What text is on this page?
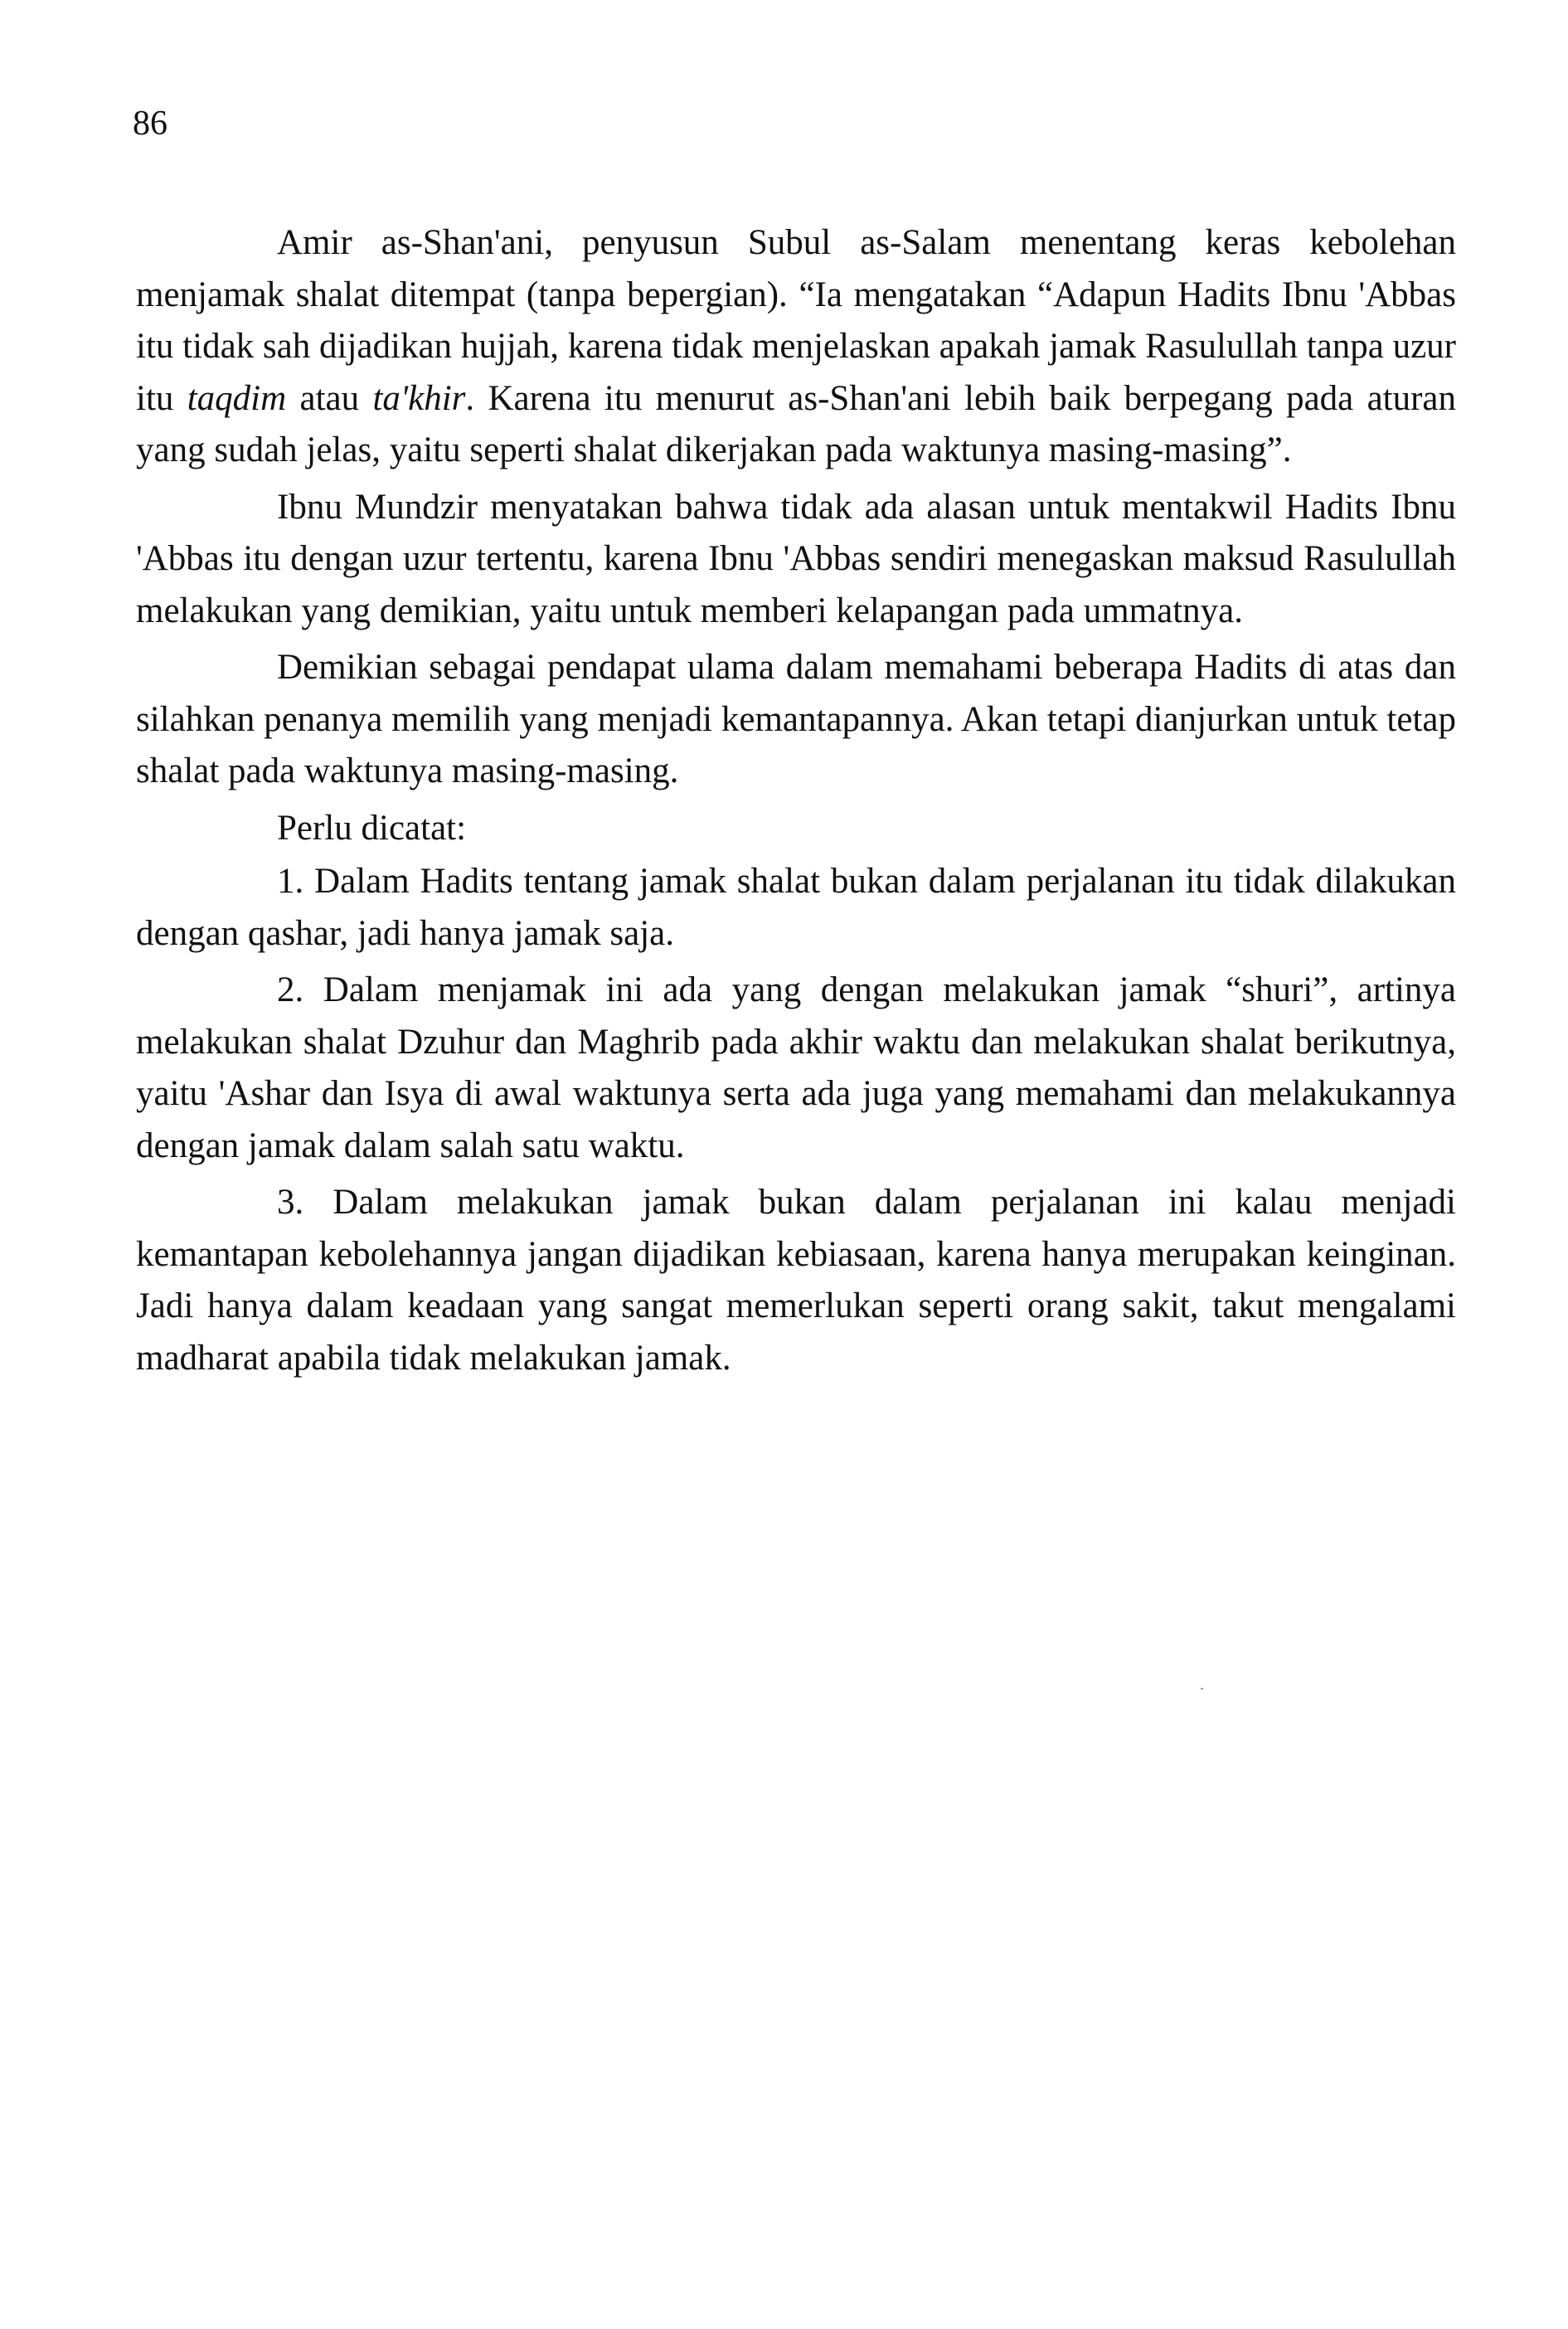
86

Amir as-Shan'ani, penyusun Subul as-Salam menentang keras kebolehan menjamak shalat ditempat (tanpa bepergian). “Ia mengatakan “Adapun Hadits Ibnu 'Abbas itu tidak sah dijadikan hujjah, karena tidak menjelaskan apakah jamak Rasulullah tanpa uzur itu taqdim atau ta'khir. Karena itu menurut as-Shan'ani lebih baik berpegang pada aturan yang sudah jelas, yaitu seperti shalat dikerjakan pada waktunya masing-masing”.

Ibnu Mundzir menyatakan bahwa tidak ada alasan untuk mentakwil Hadits Ibnu 'Abbas itu dengan uzur tertentu, karena Ibnu 'Abbas sendiri menegaskan maksud Rasulullah melakukan yang demikian, yaitu untuk memberi kelapangan pada ummatnya.

Demikian sebagai pendapat ulama dalam memahami beberapa Hadits di atas dan silahkan penanya memilih yang menjadi kemantapannya. Akan tetapi dianjurkan untuk tetap shalat pada waktunya masing-masing.

Perlu dicatat:

1. Dalam Hadits tentang jamak shalat bukan dalam perjalanan itu tidak dilakukan dengan qashar, jadi hanya jamak saja.

2. Dalam menjamak ini ada yang dengan melakukan jamak “shuri”, artinya melakukan shalat Dzuhur dan Maghrib pada akhir waktu dan melakukan shalat berikutnya, yaitu 'Ashar dan Isya di awal waktunya serta ada juga yang memahami dan melakukannya dengan jamak dalam salah satu waktu.

3. Dalam melakukan jamak bukan dalam perjalanan ini kalau menjadi kemantapan kebolehannya jangan dijadikan kebiasaan, karena hanya merupakan keinginan. Jadi hanya dalam keadaan yang sangat memerlukan seperti orang sakit, takut mengalami madharat apabila tidak melakukan jamak.
